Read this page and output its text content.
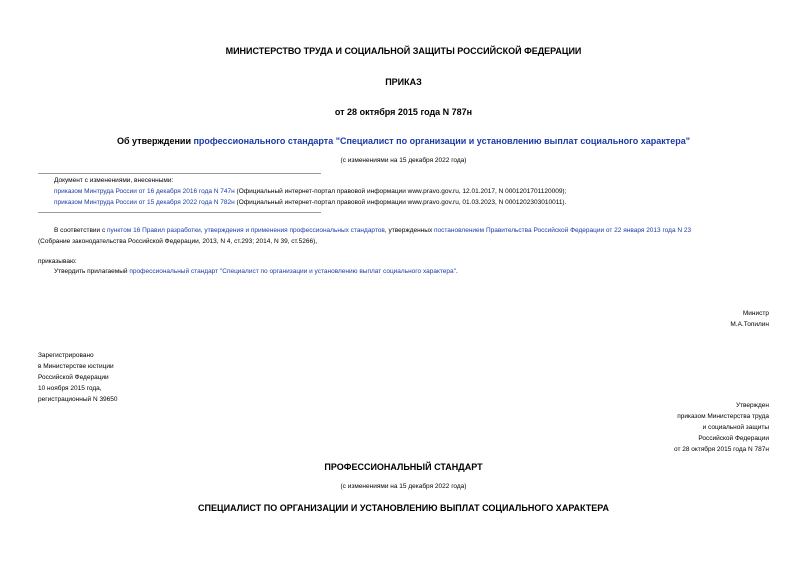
МИНИСТЕРСТВО ТРУДА И СОЦИАЛЬНОЙ ЗАЩИТЫ РОССИЙСКОЙ ФЕДЕРАЦИИ
ПРИКАЗ
от 28 октября 2015 года N 787н
Об утверждении профессионального стандарта "Специалист по организации и установлению выплат социального характера"
(с изменениями на 15 декабря 2022 года)
Документ с изменениями, внесенными:
приказом Минтруда России от 16 декабря 2016 года N 747н (Официальный интернет-портал правовой информации www.pravo.gov.ru, 12.01.2017, N 0001201701120009);
приказом Минтруда России от 15 декабря 2022 года N 782н (Официальный интернет-портал правовой информации www.pravo.gov.ru, 01.03.2023, N 0001202303010011).
В соответствии с пунктом 16 Правил разработки, утверждения и применения профессиональных стандартов, утвержденных постановлением Правительства Российской Федерации от 22 января 2013 года N 23
(Собрание законодательства Российской Федерации, 2013, N 4, ст.293; 2014, N 39, ст.5266),
приказываю:
Утвердить прилагаемый профессиональный стандарт "Специалист по организации и установлению выплат социального характера".
Министр
М.А.Топилин
Зарегистрировано
в Министерстве юстиции
Российской Федерации
10 ноября 2015 года,
регистрационный N 39650
Утвержден
приказом Министерства труда
и социальной защиты
Российской Федерации
от 28 октября 2015 года N 787н
ПРОФЕССИОНАЛЬНЫЙ СТАНДАРТ
(с изменениями на 15 декабря 2022 года)
СПЕЦИАЛИСТ ПО ОРГАНИЗАЦИИ И УСТАНОВЛЕНИЮ ВЫПЛАТ СОЦИАЛЬНОГО ХАРАКТЕРА
